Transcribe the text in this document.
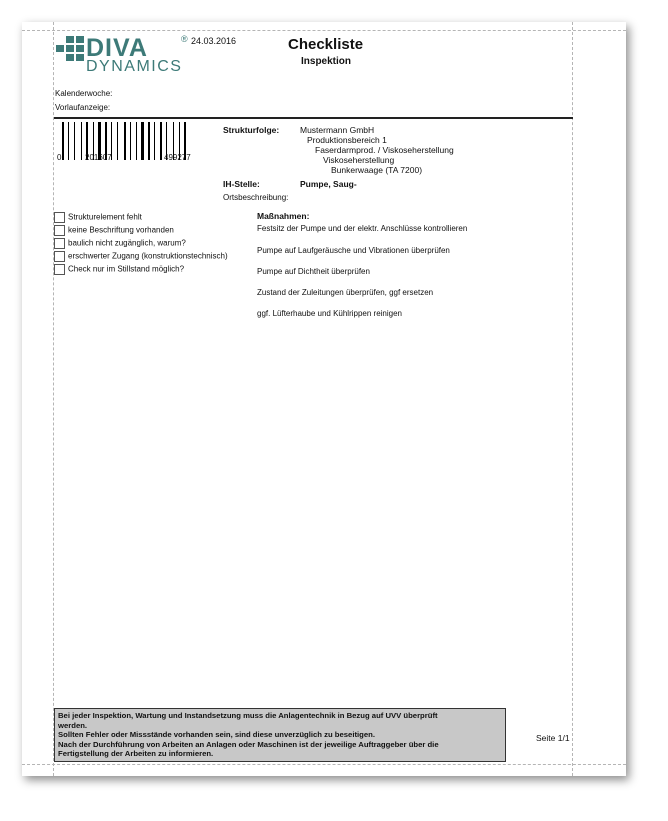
DIVA	®
DYNAMICS
24.03.2016	Checkliste
Inspektion
Kalenderwoche:
Vorlaufanzeige:
0	201607	499277
Strukturfolge: Mustermann GmbH
Produktionsbereich 1
Faserdarmprod. / Viskoseherstellung
Viskoseherstellung
Bunkerwaage (TA 7200)
IH-Stelle:	Pumpe, Saug-
Ortsbeschreibung:
Strukturelement fehlt
keine Beschriftung vorhanden
baulich nicht zugänglich, warum?
erschwerter Zugang (konstruktionstechnisch)
Check nur im Stillstand möglich?
Maßnahmen:
Festsitz der Pumpe und der elektr. Anschlüsse kontrollieren
Pumpe auf Laufgeräusche und Vibrationen überprüfen
Pumpe auf Dichtheit überprüfen
Zustand der Zuleitungen überprüfen, ggf ersetzen
ggf. Lüfterhaube und Kühlrippen reinigen
Bei jeder Inspektion, Wartung und Instandsetzung muss die Anlagentechnik in Bezug auf UVV überprüft
werden.
Sollten Fehler oder Missstände vorhanden sein, sind diese unverzüglich zu beseitigen.
Nach der Durchführung von Arbeiten an Anlagen oder Maschinen ist der jeweilige Auftraggeber über die
Fertigstellung der Arbeiten zu informieren.
Seite 1/1
